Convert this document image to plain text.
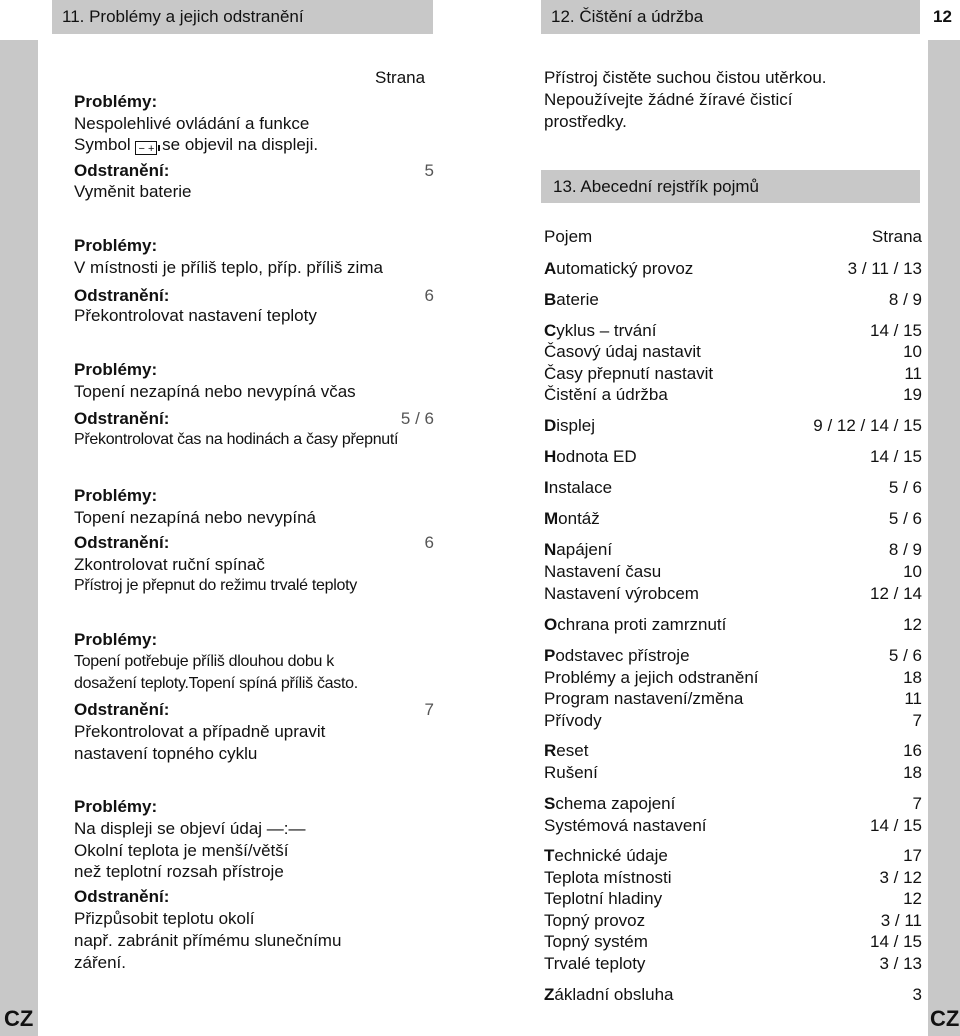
CZ	CZ
11. Problémy a jejich odstranění	12. Čištění a údržba	12
Strana
Problémy:
Nespolehlivé ovládání a funkce
Symbol − + se objevil na displeji.
Odstranění:	5
Vyměnit baterie
Problémy:
V místnosti je příliš teplo, příp. příliš zima
Odstranění:	6
Překontrolovat nastavení teploty
Problémy:
Topení nezapíná nebo nevypíná včas
Odstranění:	5 / 6
Překontrolovat čas na hodinách a časy přepnutí
Problémy:
Topení nezapíná nebo nevypíná
Odstranění:	6
Zkontrolovat ruční spínač
Přístroj je přepnut do režimu trvalé teploty
Problémy:
Topení potřebuje příliš dlouhou dobu k
dosažení teploty.Topení spíná příliš často.
Odstranění:	7
Překontrolovat a případně upravit
nastavení topného cyklu
Problémy:
Na displeji se objeví údaj —:—
Okolní teplota je menší/větší
než teplotní rozsah přístroje
Odstranění:
Přizpůsobit teplotu okolí
např. zabránit přímému slunečnímu
záření.
Přístroj čistěte suchou čistou utěrkou.
Nepoužívejte žádné žíravé čisticí
prostředky.
13. Abecední rejstřík pojmů
Pojem	Strana
Automatický provoz	3 / 11 / 13
Baterie	8 / 9
Cyklus – trvání	14 / 15
Časový údaj nastavit	10
Časy přepnutí nastavit	11
Čistění a údržba	19
Displej	9 / 12 / 14 / 15
Hodnota ED	14 / 15
Instalace	5 / 6
Montáž	5 / 6
Napájení	8 / 9
Nastavení času	10
Nastavení výrobcem	12 / 14
Ochrana proti zamrznutí	12
Podstavec přístroje	5 / 6
Problémy a jejich odstranění	18
Program nastavení/změna	11
Přívody	7
Reset	16
Rušení	18
Schema zapojení	7
Systémová nastavení	14 / 15
Technické údaje	17
Teplota místnosti	3 / 12
Teplotní hladiny	12
Topný provoz	3 / 11
Topný systém	14 / 15
Trvalé teploty	3 / 13
Základní obsluha	3
